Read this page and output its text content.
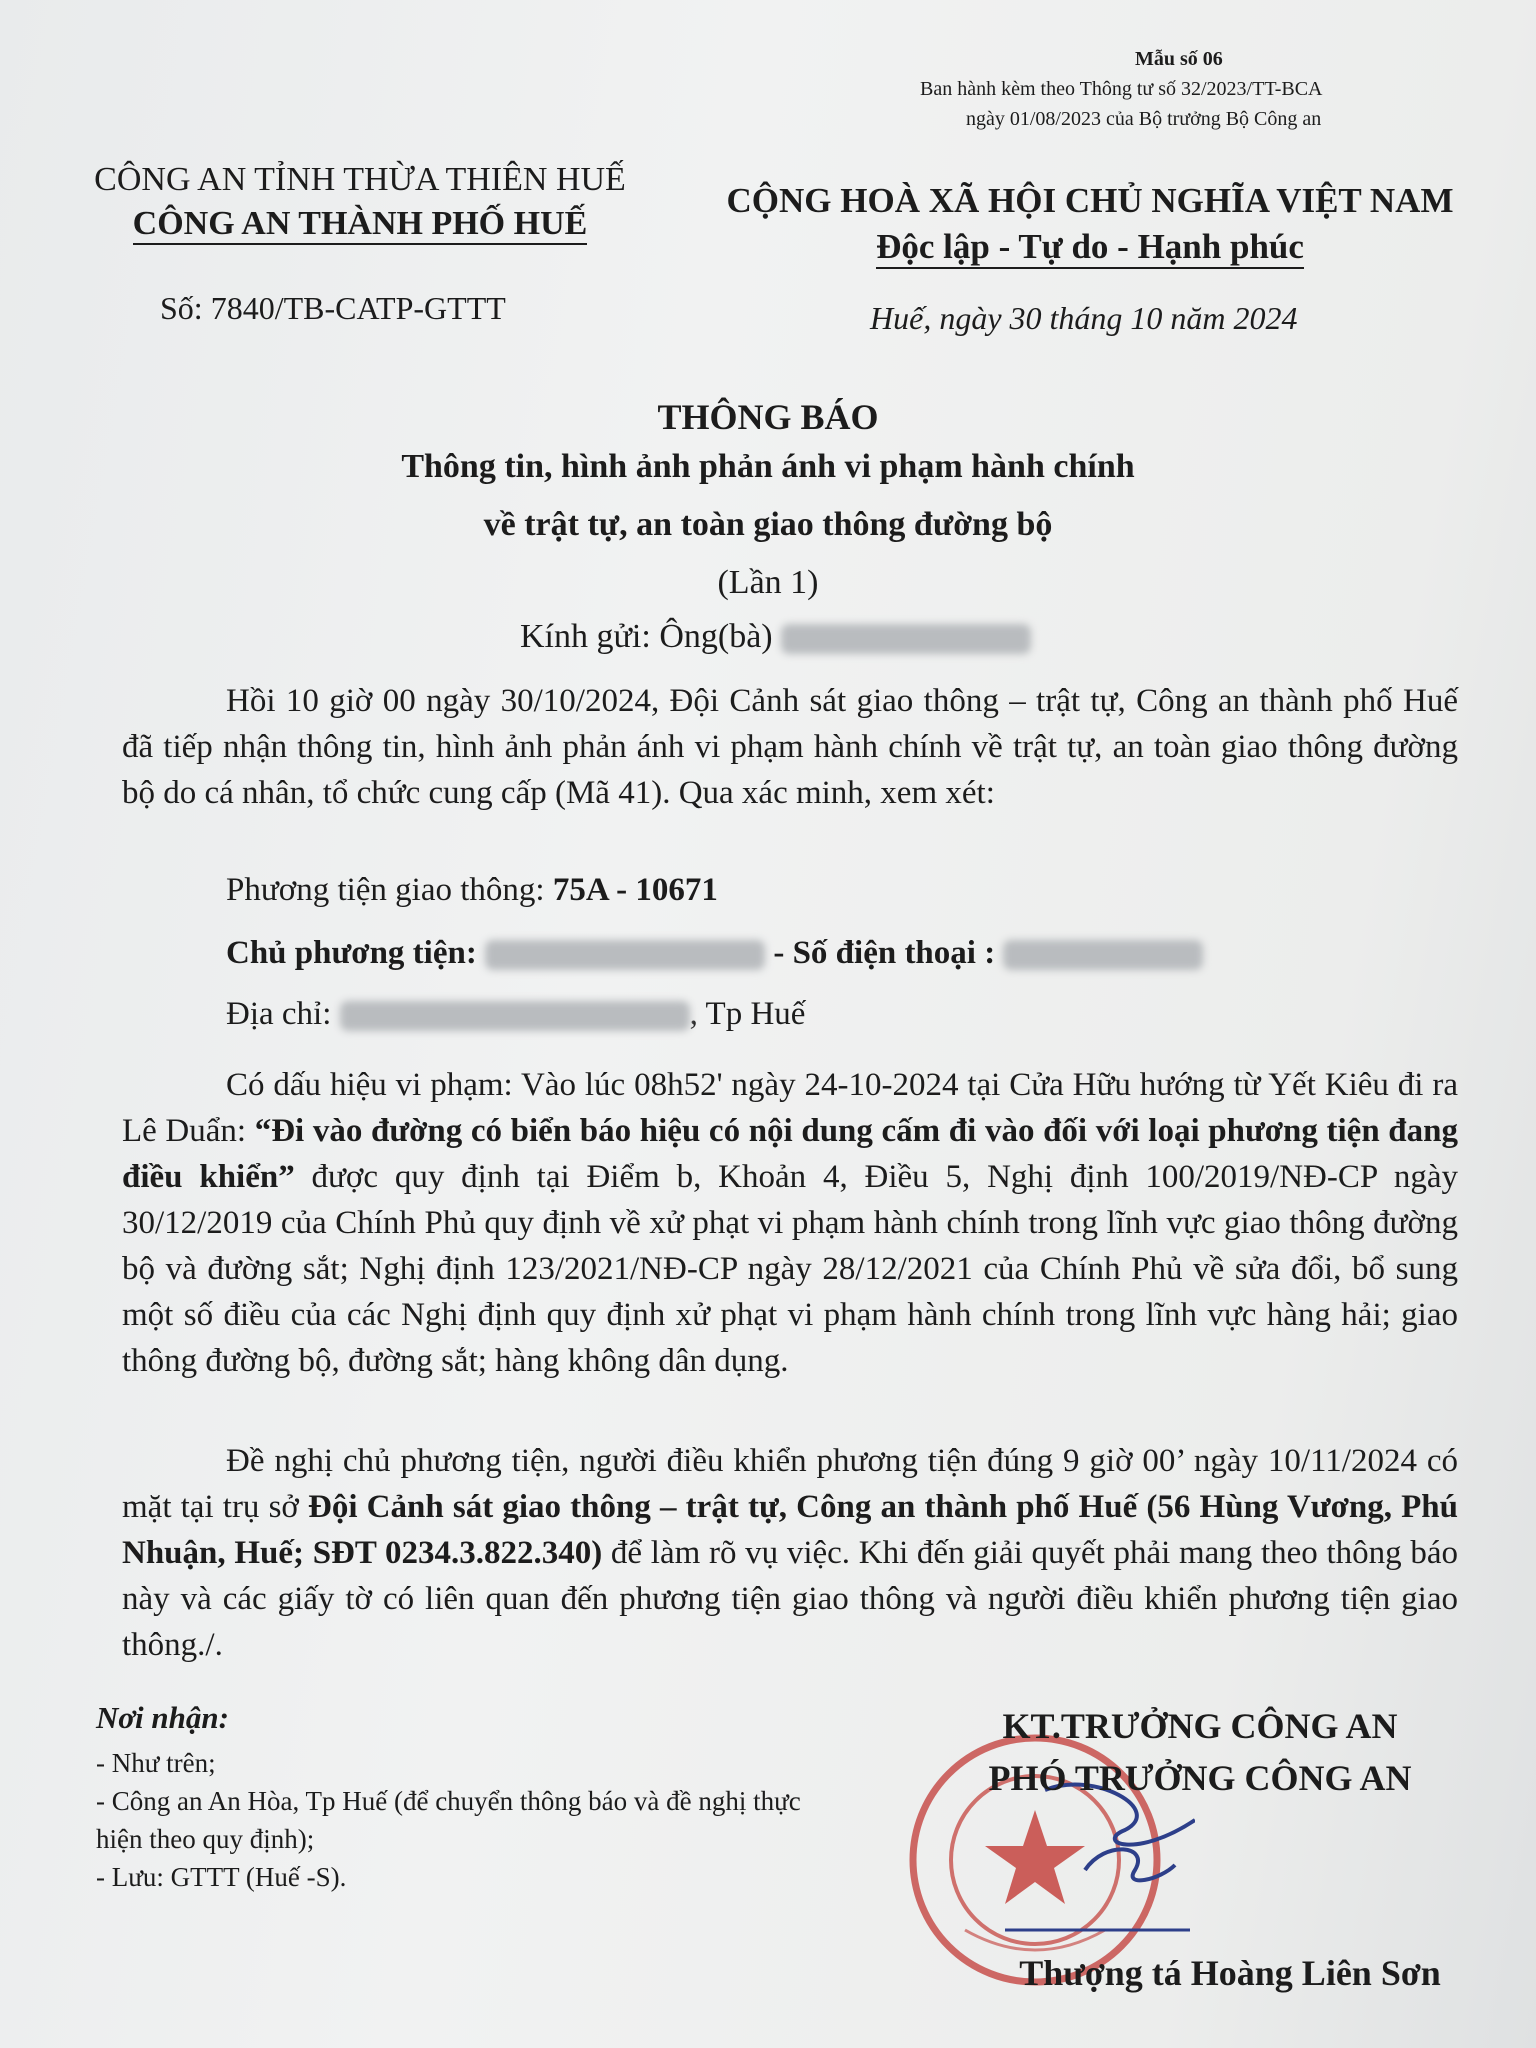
Mẫu số 06
Ban hành kèm theo Thông tư số 32/2023/TT-BCA
ngày 01/08/2023 của Bộ trưởng Bộ Công an
CÔNG AN TỈNH THỪA THIÊN HUẾ
CÔNG AN THÀNH PHỐ HUẾ
CỘNG HOÀ XÃ HỘI CHỦ NGHĨA VIỆT NAM
Độc lập - Tự do - Hạnh phúc
Số: 7840/TB-CATP-GTTT	Huế, ngày 30 tháng 10 năm 2024
THÔNG BÁO
Thông tin, hình ảnh phản ánh vi phạm hành chính
về trật tự, an toàn giao thông đường bộ
(Lần 1)
Kính gửi: Ông(bà)
Hồi 10 giờ 00 ngày 30/10/2024, Đội Cảnh sát giao thông – trật tự, Công an thành phố Huế đã tiếp nhận thông tin, hình ảnh phản ánh vi phạm hành chính về trật tự, an toàn giao thông đường bộ do cá nhân, tổ chức cung cấp (Mã 41). Qua xác minh, xem xét:
Phương tiện giao thông: 75A - 10671
Chủ phương tiện:	- Số điện thoại :
Địa chỉ:	, Tp Huế
Có dấu hiệu vi phạm: Vào lúc 08h52' ngày 24-10-2024 tại Cửa Hữu hướng từ Yết Kiêu đi ra Lê Duẩn: “Đi vào đường có biển báo hiệu có nội dung cấm đi vào đối với loại phương tiện đang điều khiển” được quy định tại Điểm b, Khoản 4, Điều 5, Nghị định 100/2019/NĐ-CP ngày 30/12/2019 của Chính Phủ quy định về xử phạt vi phạm hành chính trong lĩnh vực giao thông đường bộ và đường sắt; Nghị định 123/2021/NĐ-CP ngày 28/12/2021 của Chính Phủ về sửa đổi, bổ sung một số điều của các Nghị định quy định xử phạt vi phạm hành chính trong lĩnh vực hàng hải; giao thông đường bộ, đường sắt; hàng không dân dụng.
Đề nghị chủ phương tiện, người điều khiển phương tiện đúng 9 giờ 00’ ngày 10/11/2024 có mặt tại trụ sở Đội Cảnh sát giao thông – trật tự, Công an thành phố Huế (56 Hùng Vương, Phú Nhuận, Huế; SĐT 0234.3.822.340) để làm rõ vụ việc. Khi đến giải quyết phải mang theo thông báo này và các giấy tờ có liên quan đến phương tiện giao thông và người điều khiển phương tiện giao thông./.
Nơi nhận:
- Như trên;
- Công an An Hòa, Tp Huế (để chuyển thông báo và đề nghị thực hiện theo quy định);
- Lưu: GTTT (Huế -S).
KT.TRƯỞNG CÔNG AN
PHÓ TRƯỞNG CÔNG AN
Thượng tá Hoàng Liên Sơn
